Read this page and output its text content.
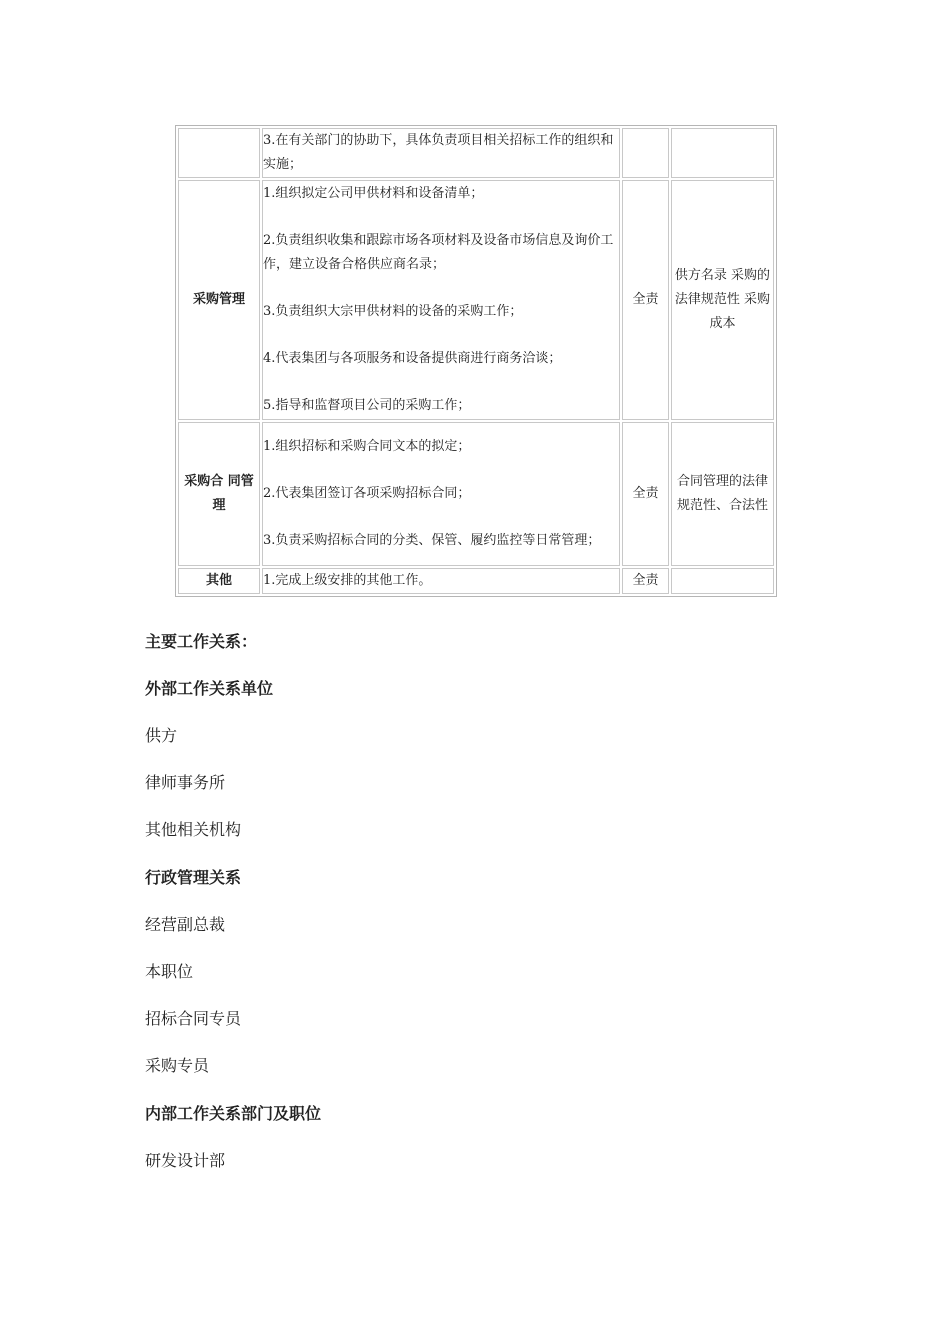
	3.在有关部门的协助下，具体负责项目相关招标工作的组织和实施；		

采购管理	1.组织拟定公司甲供材料和设备清单；
2.负责组织收集和跟踪市场各项材料及设备市场信息及询价工作，建立设备合格供应商名录；
3.负责组织大宗甲供材料的设备的采购工作；
4.代表集团与各项服务和设备提供商进行商务洽谈；
5.指导和监督项目公司的采购工作；	全责	供方名录 采购的法律规范性 采购成本
采购合 同管理	1.组织招标和采购合同文本的拟定；
2.代表集团签订各项采购招标合同；
3.负责采购招标合同的分类、保管、履约监控等日常管理；	全责	合同管理的法律规范性、合法性
其他	1.完成上级安排的其他工作。	全责	
主要工作关系：
外部工作关系单位
供方
律师事务所
其他相关机构
行政管理关系
经营副总裁
本职位
招标合同专员
采购专员
内部工作关系部门及职位
研发设计部
